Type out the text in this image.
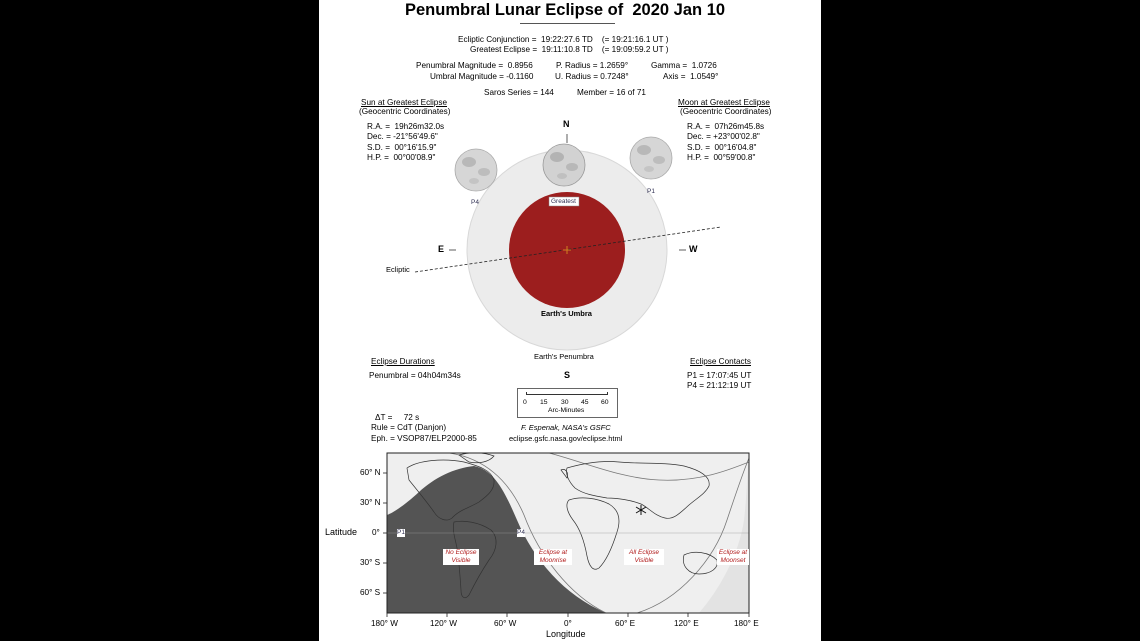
Penumbral Lunar Eclipse of  2020 Jan 10
Ecliptic Conjunction =  19:22:27.6 TD    (= 19:21:16.1 UT )
Greatest Eclipse =  19:11:10.8 TD    (= 19:09:59.2 UT )
Penumbral Magnitude =  0.8956
Umbral Magnitude = -0.1160
P. Radius = 1.2659°
U. Radius = 0.7248°
Gamma =  1.0726
Axis =  1.0549°
Saros Series = 144	Member = 16 of 71
Sun at Greatest Eclipse
(Geocentric Coordinates)
R.A. =  19h26m32.0s
Dec. = -21°56'49.6"
S.D. =  00°16'15.9"
H.P. =  00°00'08.9"
Moon at Greatest Eclipse
(Geocentric Coordinates)
R.A. =  07h26m45.8s
Dec. = +23°00'02.8"
S.D. =  00°16'04.8"
H.P. =  00°59'00.8"
N
S
E	W
Ecliptic
Greatest
P4
P1
Earth's Umbra
Earth's Penumbra
Eclipse Durations
Penumbral = 04h04m34s
Eclipse Contacts
P1 = 17:07:45 UT
P4 = 21:12:19 UT
0 15 30 45 60
Arc-Minutes
ΔT =     72 s
Rule = CdT (Danjon)
Eph. = VSOP87/ELP2000-85
F. Espenak, NASA's GSFC
eclipse.gsfc.nasa.gov/eclipse.html
60° N
30° N
0°
30° S
60° S
Latitude
180° W	120° W	60° W	0°	60° E	120° E	180° E
Longitude
P1	P4
No Eclipse
Visible
Eclipse at
Moonrise
All Eclipse
Visible
Eclipse at
Moonset
